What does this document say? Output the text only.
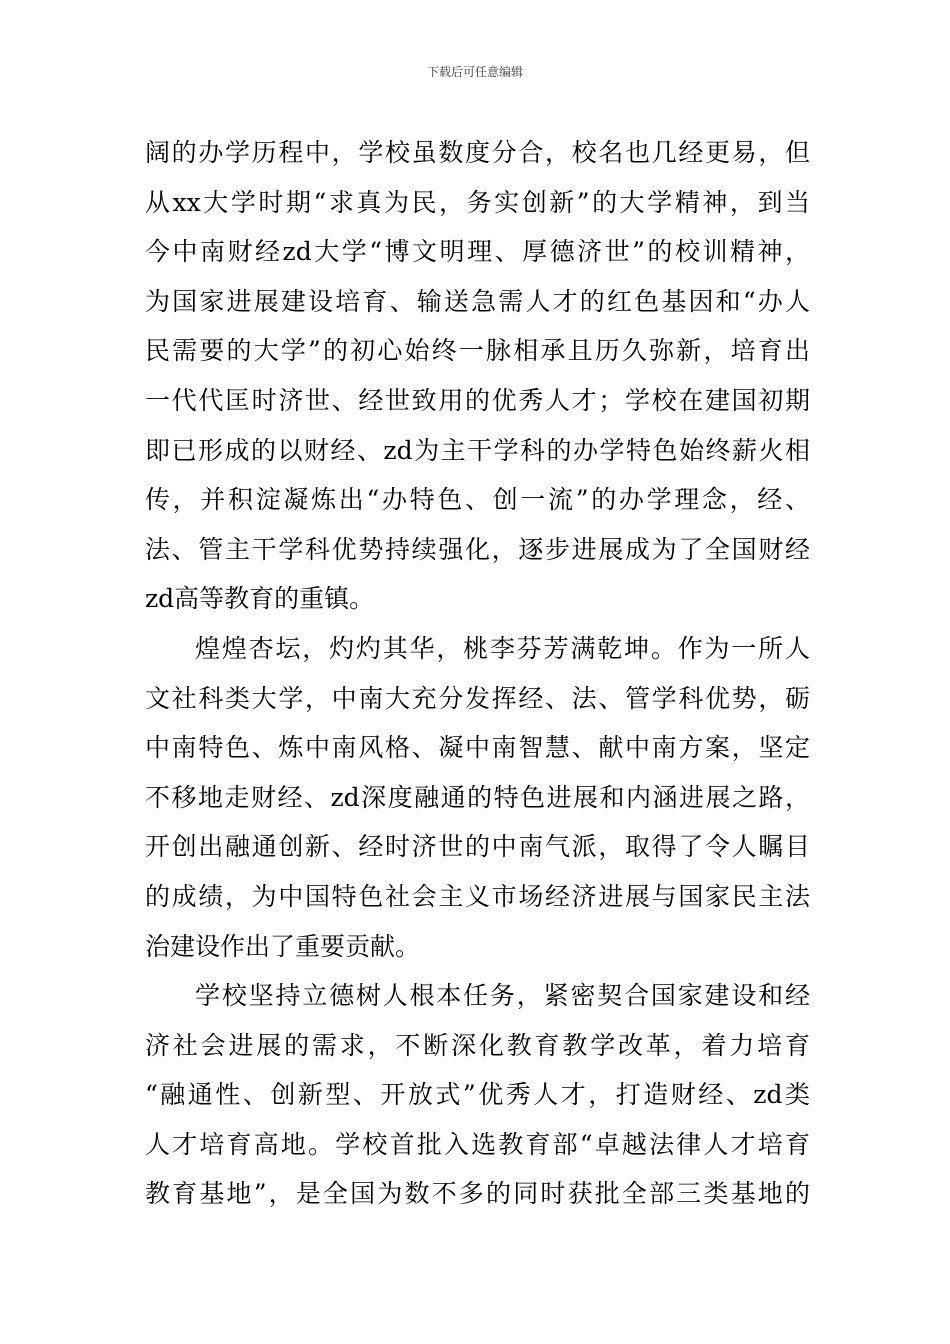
下载后可任意编辑
阔的办学历程中，学校虽数度分合，校名也几经更易，但
从xx大学时期“求真为民，务实创新”的大学精神，到当
今中南财经zd大学“博文明理、厚德济世”的校训精神，
为国家进展建设培育、输送急需人才的红色基因和“办人
民需要的大学”的初心始终一脉相承且历久弥新，培育出
一代代匡时济世、经世致用的优秀人才；学校在建国初期
即已形成的以财经、zd为主干学科的办学特色始终薪火相
传，并积淀凝炼出“办特色、创一流”的办学理念，经、
法、管主干学科优势持续强化，逐步进展成为了全国财经
zd高等教育的重镇。
煌煌杏坛，灼灼其华，桃李芬芳满乾坤。作为一所人
文社科类大学，中南大充分发挥经、法、管学科优势，砺
中南特色、炼中南风格、凝中南智慧、献中南方案，坚定
不移地走财经、zd深度融通的特色进展和内涵进展之路，
开创出融通创新、经时济世的中南气派，取得了令人瞩目
的成绩，为中国特色社会主义市场经济进展与国家民主法
治建设作出了重要贡献。
学校坚持立德树人根本任务，紧密契合国家建设和经
济社会进展的需求，不断深化教育教学改革，着力培育
“融通性、创新型、开放式”优秀人才，打造财经、zd类
人才培育高地。学校首批入选教育部“卓越法律人才培育
教育基地”，是全国为数不多的同时获批全部三类基地的
